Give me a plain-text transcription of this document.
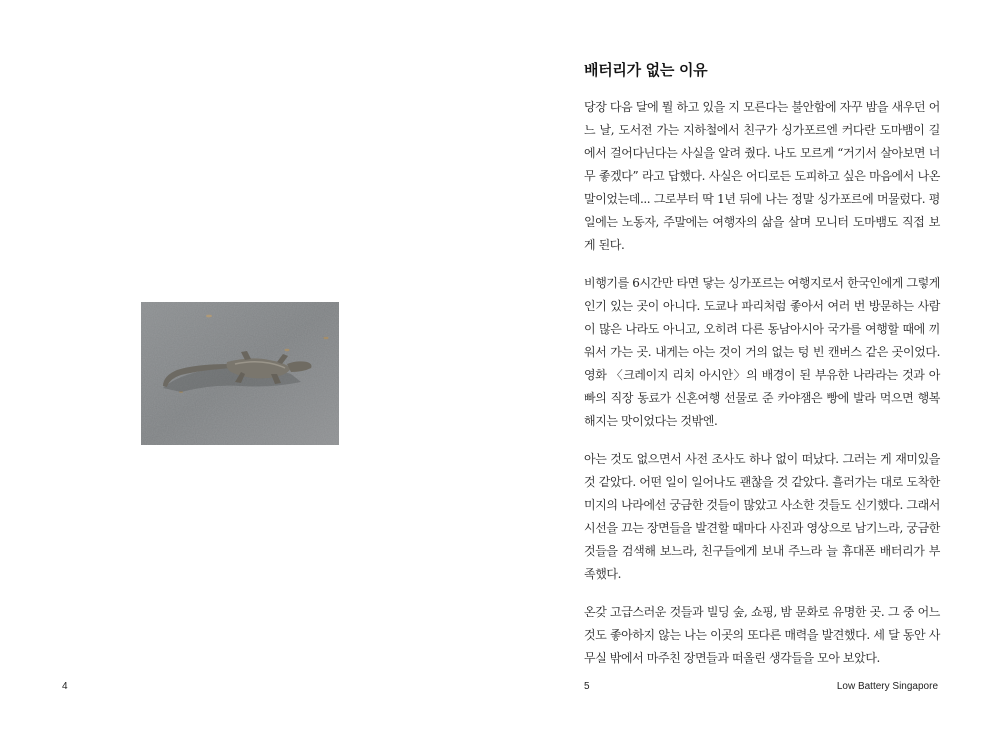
4
배터리가 없는 이유

당장 다음 달에 뭘 하고 있을 지 모른다는 불안함에 자꾸 밤을 새우던 어느 날, 도서전 가는 지하철에서 친구가 싱가포르엔 커다란 도마뱀이 길에서 걸어다닌다는 사실을 알려 줬다. 나도 모르게 “거기서 살아보면 너무 좋겠다” 라고 답했다. 사실은 어디로든 도피하고 싶은 마음에서 나온 말이었는데... 그로부터 딱 1년 뒤에 나는 정말 싱가포르에 머물렀다. 평일에는 노동자, 주말에는 여행자의 삶을 살며 모니터 도마뱀도 직접 보게 된다.

비행기를 6시간만 타면 닿는 싱가포르는 여행지로서 한국인에게 그렇게 인기 있는 곳이 아니다. 도쿄나 파리처럼 좋아서 여러 번 방문하는 사람이 많은 나라도 아니고, 오히려 다른 동남아시아 국가를 여행할 때에 끼워서 가는 곳. 내게는 아는 것이 거의 없는 텅 빈 캔버스 같은 곳이었다. 영화 〈크레이지 리치 아시안〉의 배경이 된 부유한 나라라는 것과 아빠의 직장 동료가 신혼여행 선물로 준 카야잼은 빵에 발라 먹으면 행복해지는 맛이었다는 것밖엔.

아는 것도 없으면서 사전 조사도 하나 없이 떠났다. 그러는 게 재미있을 것 같았다. 어떤 일이 일어나도 괜찮을 것 같았다. 흘러가는 대로 도착한 미지의 나라에선 궁금한 것들이 많았고 사소한 것들도 신기했다. 그래서 시선을 끄는 장면들을 발견할 때마다 사진과 영상으로 남기느라, 궁금한 것들을 검색해 보느라, 친구들에게 보내 주느라 늘 휴대폰 배터리가 부족했다.

온갖 고급스러운 것들과 빌딩 숲, 쇼핑, 밤 문화로 유명한 곳. 그 중 어느 것도 좋아하지 않는 나는 이곳의 또다른 매력을 발견했다. 세 달 동안 사무실 밖에서 마주친 장면들과 떠올린 생각들을 모아 보았다.

5	Low Battery Singapore
